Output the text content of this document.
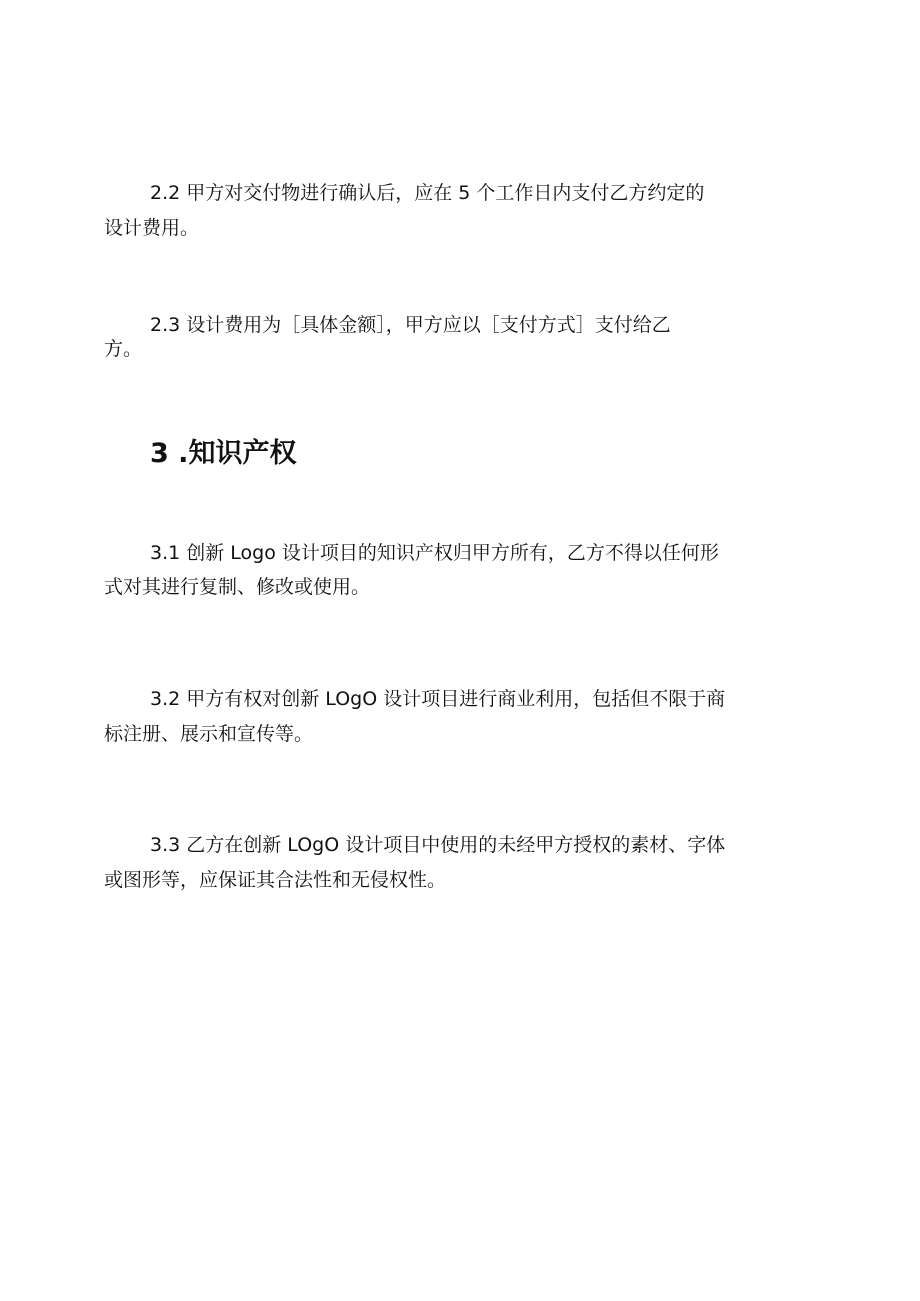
2.2 甲方对交付物进行确认后，应在 5 个工作日内支付乙方约定的
设计费用。
2.3 设计费用为［具体金额］，甲方应以［支付方式］支付给乙
方。
3 .知识产权
3.1 创新 Logo 设计项目的知识产权归甲方所有，乙方不得以任何形
式对其进行复制、修改或使用。
3.2 甲方有权对创新 LOgO 设计项目进行商业利用，包括但不限于商
标注册、展示和宣传等。
3.3 乙方在创新 LOgO 设计项目中使用的未经甲方授权的素材、字体
或图形等，应保证其合法性和无侵权性。
